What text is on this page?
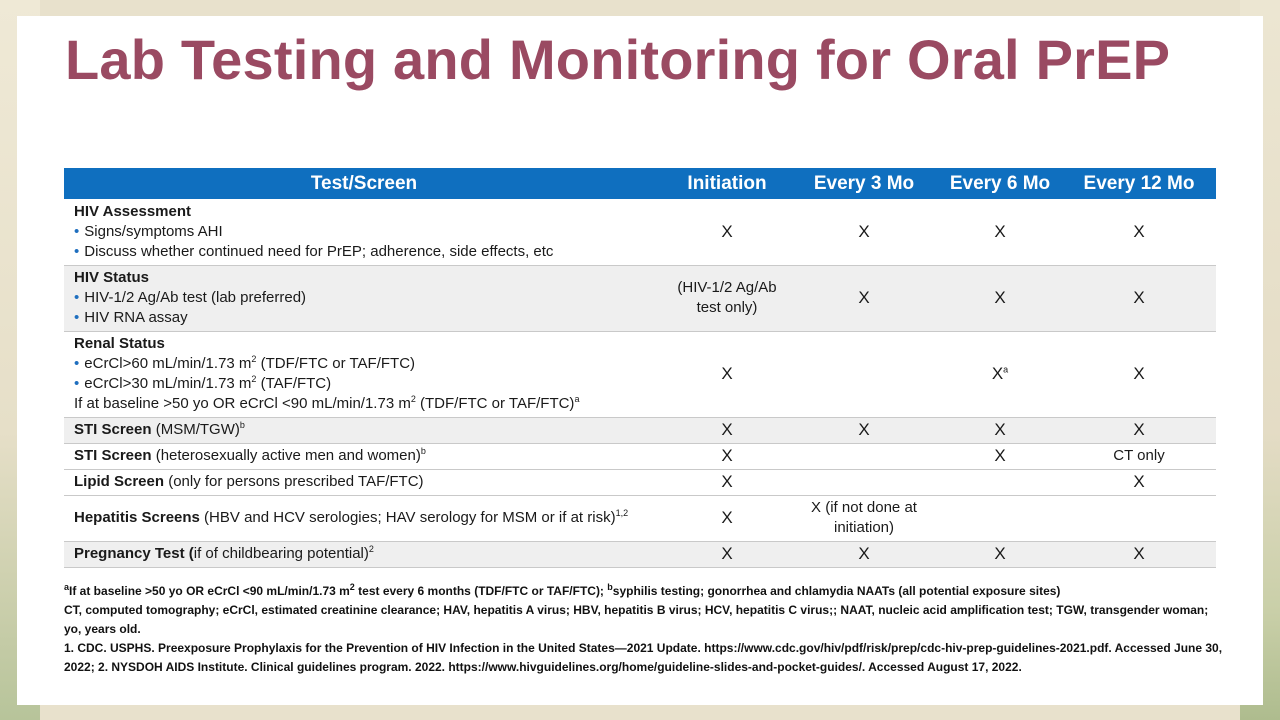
Lab Testing and Monitoring for Oral PrEP
Test/Screen	Initiation	Every 3 Mo	Every 6 Mo	Every 12 Mo

HIV Assessment
• Signs/symptoms AHI
• Discuss whether continued need for PrEP; adherence, side effects, etc	X	X	X	X

HIV Status
• HIV-1/2 Ag/Ab test (lab preferred)
• HIV RNA assay	(HIV-1/2 Ag/Ab test only)	X	X	X

Renal Status
• eCrCl>60 mL/min/1.73 $m^2$ (TDF/FTC or TAF/FTC)
• eCrCl>30 mL/min/1.73 $m^2$ (TAF/FTC)
If at baseline >50 yo OR eCrCl <90 mL/min/1.73 $m^2$ (TDF/FTC or TAF/FTC)$^a$	X		$X^a$	X
STI Screen $(MSM/TGW)^b$	X	X	X	X
STI Screen (heterosexually active men and women)$^b$	X		X	CT only
Lipid Screen (only for persons prescribed TAF/FTC)	X			X
Hepatitis Screens (HBV and HCV serologies; HAV serology for MSM or if at risk)$^{1,2}$	X	X (if not done at initiation)		
Pregnancy Test (if of childbearing potential)$^2$	X	X	X	X

$^a$If at baseline >50 yo OR eCrCl <90 mL/min/1.73 $m^2$ test every 6 months (TDF/FTC or TAF/FTC); $^b$syphilis testing; gonorrhea and chlamydia NAATs (all potential exposure sites)

CT, computed tomography; eCrCl, estimated creatinine clearance; HAV, hepatitis A virus; HBV, hepatitis B virus; HCV, hepatitis C virus;; NAAT, nucleic acid amplification test; TGW, transgender woman; yo, years old.

1. CDC. USPHS. Preexposure Prophylaxis for the Prevention of HIV Infection in the United States—2021 Update. https://www.cdc.gov/hiv/pdf/risk/prep/cdc-hiv-prep-guidelines-2021.pdf. Accessed June 30, 2022; 2. NYSDOH AIDS Institute. Clinical guidelines program. 2022. https://www.hivguidelines.org/home/guideline-slides-and-pocket-guides/. Accessed August 17, 2022.
